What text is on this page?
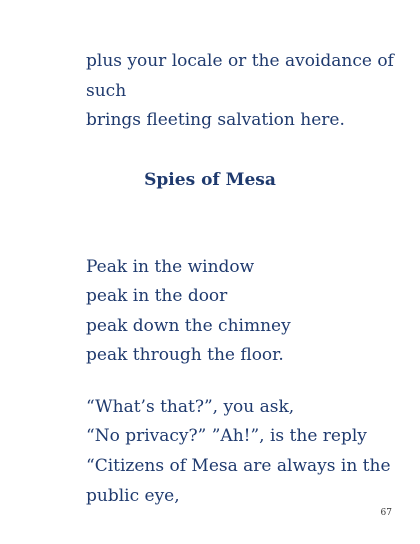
plus your locale or the avoidance of
such
brings fleeting salvation here.
Spies of Mesa
Peak in the window
peak in the door
peak down the chimney
peak through the floor.
“What’s that?”, you ask,
“No privacy?” ”Ah!”, is the reply
“Citizens of Mesa are always in the
public eye,
67
